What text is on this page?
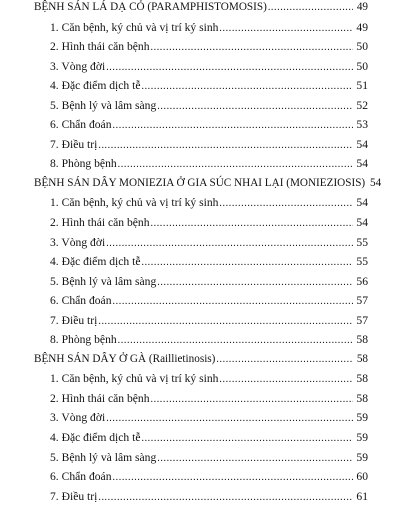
BỆNH SÁN LÁ DẠ CỎ (PARAMPHISTOMOSIS) .....	49
1. Căn bệnh, ký chủ và vị trí ký sinh .....	49
2. Hình thái căn bệnh .....	50
3. Vòng đời .....	50
4. Đặc điểm dịch tễ .....	51
5. Bệnh lý và lâm sàng .....	52
6. Chẩn đoán .....	53
7. Điều trị .....	54
8. Phòng bệnh .....	54
BỆNH SÁN DÂY MONIEZIA Ở GIA SÚC NHAI LẠI (MONIEZIOSIS) 54
1. Căn bệnh, ký chủ và vị trí ký sinh .....	54
2. Hình thái căn bệnh .....	54
3. Vòng đời .....	55
4. Đặc điểm dịch tễ .....	55
5. Bệnh lý và lâm sàng .....	56
6. Chẩn đoán .....	57
7. Điều trị .....	57
8. Phòng bệnh .....	58
BỆNH SÁN DÂY Ở GÀ (Raillietinosis) .....	58
1. Căn bệnh, ký chủ và vị trí ký sinh .....	58
2. Hình thái căn bệnh .....	58
3. Vòng đời .....	59
4. Đặc điểm dịch tễ .....	59
5. Bệnh lý và lâm sàng .....	59
6. Chẩn đoán .....	60
7. Điều trị .....	61
